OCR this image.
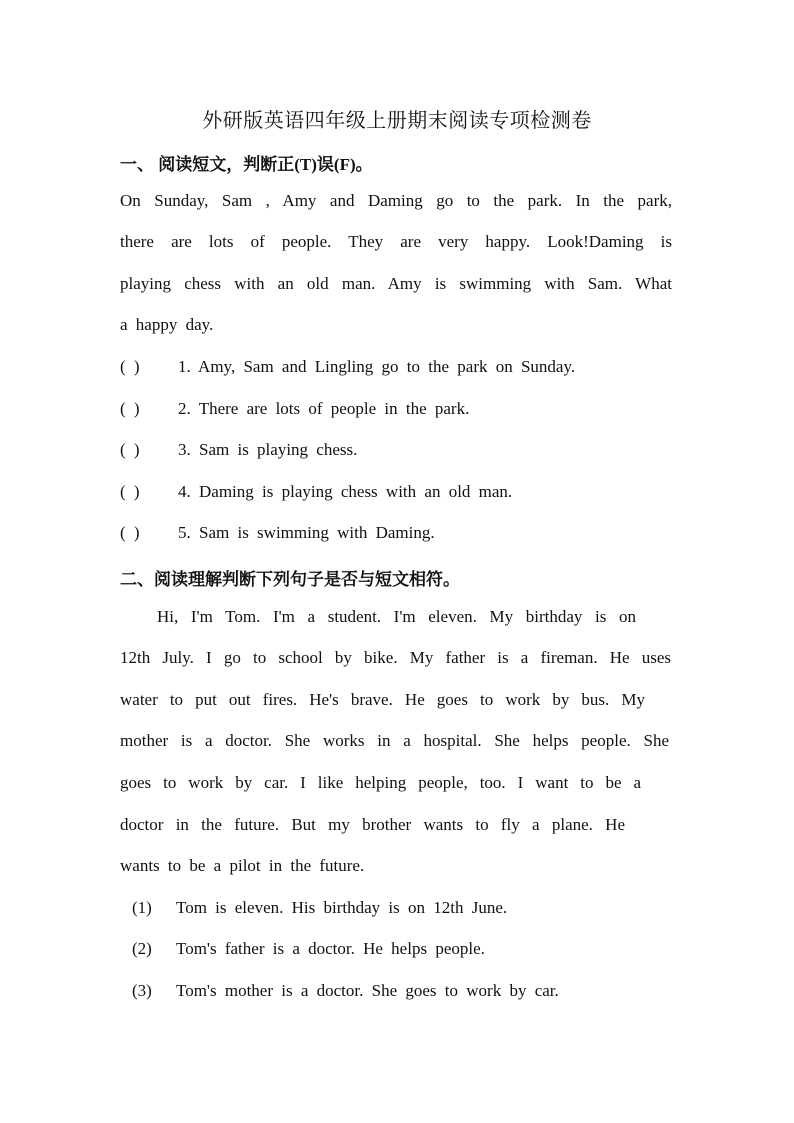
外研版英语四年级上册期末阅读专项检测卷
一、 阅读短文，判断正(T)误(F)。
On Sunday, Sam , Amy and Daming go to the park. In the park,
there are lots of people. They are very happy. Look!Daming is
playing chess with an old man. Amy is swimming with Sam. What
a happy day.
( ) 1. Amy, Sam and Lingling go to the park on Sunday.
( ) 2. There are lots of people in the park.
( ) 3. Sam is playing chess.
( ) 4. Daming is playing chess with an old man.
( ) 5. Sam is swimming with Daming.
二、阅读理解判断下列句子是否与短文相符。
Hi, I'm Tom. I'm a student. I'm eleven. My birthday is on
12th July. I go to school by bike. My father is a fireman. He uses
water to put out fires. He's brave. He goes to work by bus. My
mother is a doctor. She works in a hospital. She helps people. She
goes to work by car. I like helping people, too. I want to be a
doctor in the future. But my brother wants to fly a plane. He
wants to be a pilot in the future.
(1) Tom is eleven. His birthday is on 12th June.
(2) Tom's father is a doctor. He helps people.
(3) Tom's mother is a doctor. She goes to work by car.
